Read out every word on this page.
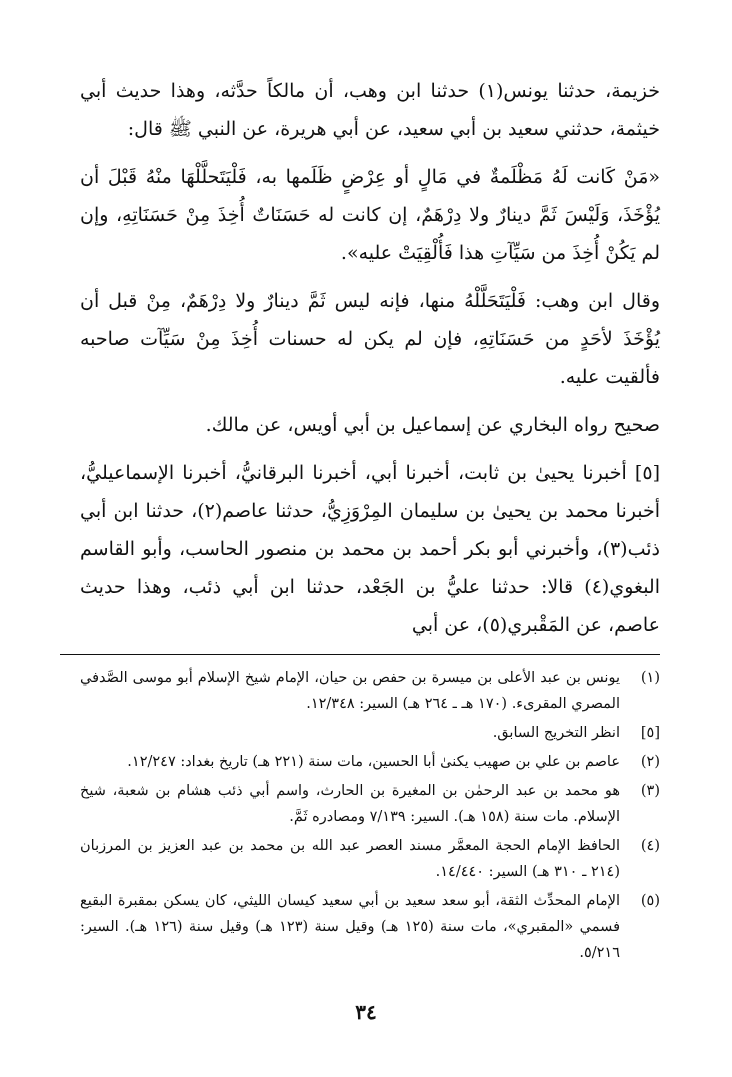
خزيمة، حدثنا يونس(١) حدثنا ابن وهب، أن مالكاً حدَّثه، وهذا حديث أبي خيثمة، حدثني سعيد بن أبي سعيد، عن أبي هريرة، عن النبي ﷺ قال:

«مَنْ كَانت لَهُ مَظْلَمةٌ في مَالٍ أو عِرْضٍ ظَلَمها به، فَلْيَتَحلَّلْهَا منْهُ قَبْلَ أن يُؤْخَذَ، وَلَيْسَ ثَمَّ دينارٌ ولا دِرْهَمٌ، إن كانت له حَسَنَاتٌ أُخِذَ مِنْ حَسَنَاتِهِ، وإن لم يَكُنْ أُخِذَ من سَيِّآتِ هذا فَأُلْقِيَتْ عليه».

وقال ابن وهب: فَلْيَتَحَلَّلْهُ منها، فإنه ليس ثَمَّ دينارٌ ولا دِرْهَمٌ، مِنْ قبل أن يُؤْخَذَ لأحَدٍ من حَسَنَاتِهِ، فإن لم يكن له حسنات أُخِذَ مِنْ سَيِّآت صاحبه فألقيت عليه.

صحيح رواه البخاري عن إسماعيل بن أبي أويس، عن مالك.

[٥] أخبرنا يحيىٰ بن ثابت، أخبرنا أبي، أخبرنا البرقانيُّ، أخبرنا الإسماعيليُّ، أخبرنا محمد بن يحيىٰ بن سليمان المِرْوَزِيُّ، حدثنا عاصم(٢)، حدثنا ابن أبي ذئب(٣)، وأخبرني أبو بكر أحمد بن محمد بن منصور الحاسب، وأبو القاسم البغوي(٤) قالا: حدثنا عليُّ بن الجَعْد، حدثنا ابن أبي ذئب، وهذا حديث عاصم، عن المَقْبري(٥)، عن أبي

(١)
يونس بن عبد الأعلى بن ميسرة بن حفص بن حيان، الإمام شيخ الإسلام أبو موسى الصَّدفي المصري المقرىء. (١٧٠ هـ ـ ٢٦٤ هـ) السير: ١٢/٣٤٨.
[٥]
انظر التخريج السابق.
(٢)
عاصم بن علي بن صهيب يكنىٰ أبا الحسين، مات سنة (٢٢١ هـ) تاريخ بغداد: ١٢/٢٤٧.
(٣)
هو محمد بن عبد الرحمٰن بن المغيرة بن الحارث، واسم أبي ذئب هشام بن شعبة، شيخ الإسلام. مات سنة (١٥٨ هـ). السير: ٧/١٣٩ ومصادره ثَمَّ.
(٤)
الحافظ الإمام الحجة المعمَّر مسند العصر عبد الله بن محمد بن عبد العزيز بن المرزبان (٢١٤ ـ ٣١٠ هـ) السير: ١٤/٤٤٠.
(٥)
الإمام المحدِّث الثقة، أبو سعد سعيد بن أبي سعيد كيسان الليثي، كان يسكن بمقبرة البقيع فسمي «المقبري»، مات سنة (١٢٥ هـ) وقيل سنة (١٢٣ هـ) وقيل سنة (١٢٦ هـ). السير: ٥/٢١٦.
٣٤
